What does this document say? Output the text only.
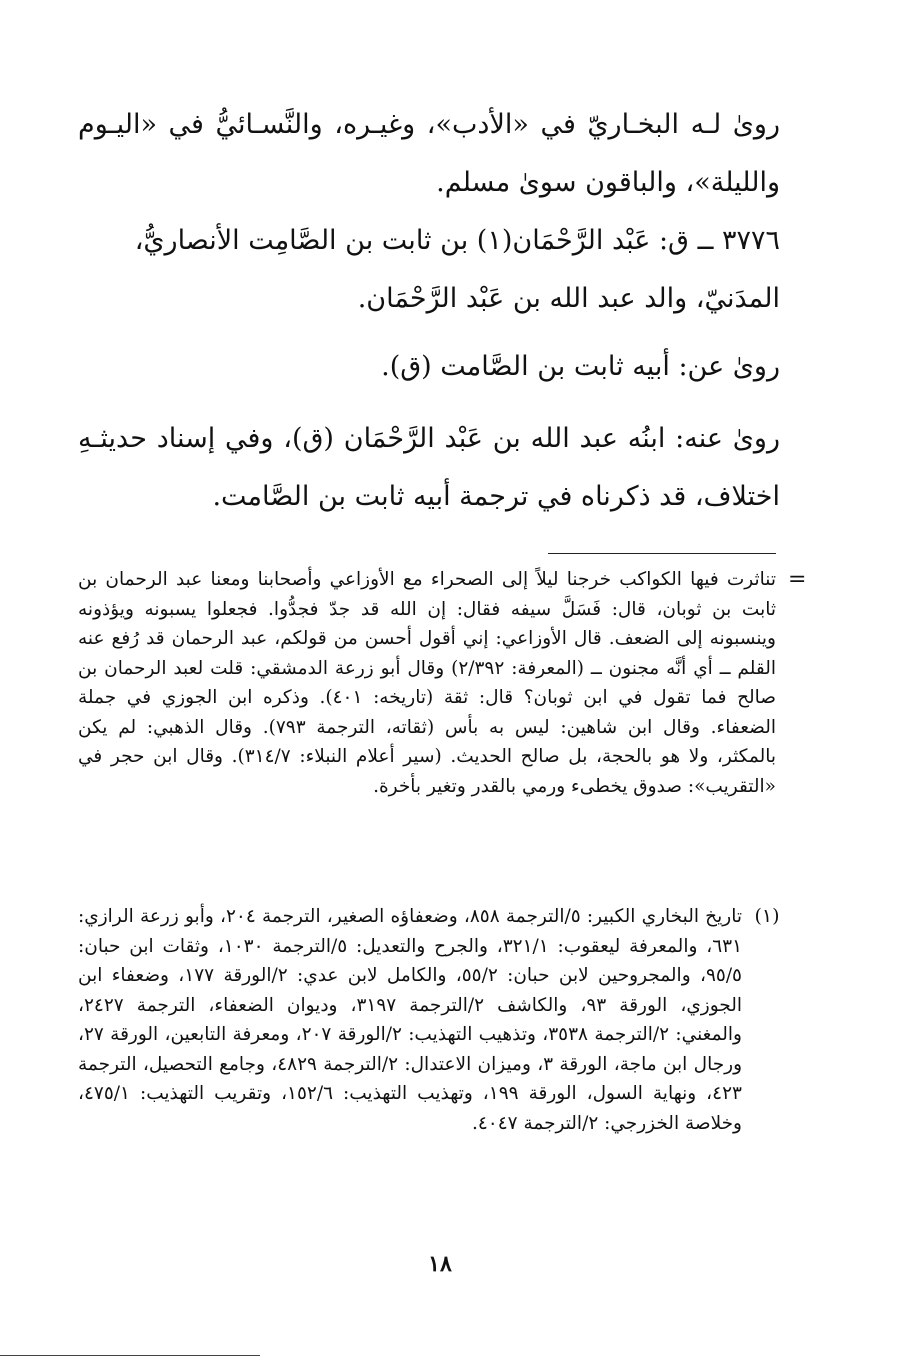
روىٰ لـه البخـاريّ في «الأدب»، وغيـره، والنَّسـائيُّ في «اليـوم والليلة»، والباقون سوىٰ مسلم.

٣٧٧٦ ــ ق: عَبْد الرَّحْمَان(١) بن ثابت بن الصَّامِت الأنصاريُّ،

المدَنيّ، والد عبد الله بن عَبْد الرَّحْمَان.

روىٰ عن: أبيه ثابت بن الصَّامت (ق).

روىٰ عنه: ابنُه عبد الله بن عَبْد الرَّحْمَان (ق)، وفي إسناد حديثـهِ اختلاف، قد ذكرناه في ترجمة أبيه ثابت بن الصَّامت.

=

تناثرت فيها الكواكب خرجنا ليلاً إلى الصحراء مع الأوزاعي وأصحابنا ومعنا عبد الرحمان بن ثابت بن ثوبان، قال: فَسَلَّ سيفه فقال: إن الله قد جدّ فجدُّوا. فجعلوا يسبونه ويؤذونه وينسبونه إلى الضعف. قال الأوزاعي: إني أقول أحسن من قولكم، عبد الرحمان قد رُفع عنه القلم ــ أي أنَّه مجنون ــ (المعرفة: ٢/٣٩٢) وقال أبو زرعة الدمشقي: قلت لعبد الرحمان بن صالح فما تقول في ابن ثوبان؟ قال: ثقة (تاريخه: ٤٠١). وذكره ابن الجوزي في جملة الضعفاء. وقال ابن شاهين: ليس به بأس (ثقاته، الترجمة ٧٩٣). وقال الذهبي: لم يكن بالمكثر، ولا هو بالحجة، بل صالح الحديث. (سير أعلام النبلاء: ٣١٤/٧). وقال ابن حجر في «التقريب»: صدوق يخطىء ورمي بالقدر وتغير بأخرة.

(١)

تاريخ البخاري الكبير: ٥/الترجمة ٨٥٨، وضعفاؤه الصغير، الترجمة ٢٠٤، وأبو زرعة الرازي: ٦٣١، والمعرفة ليعقوب: ٣٢١/١، والجرح والتعديل: ٥/الترجمة ١٠٣٠، وثقات ابن حبان: ٩٥/٥، والمجروحين لابن حبان: ٥٥/٢، والكامل لابن عدي: ٢/الورقة ١٧٧، وضعفاء ابن الجوزي، الورقة ٩٣، والكاشف ٢/الترجمة ٣١٩٧، وديوان الضعفاء، الترجمة ٢٤٢٧، والمغني: ٢/الترجمة ٣٥٣٨، وتذهيب التهذيب: ٢/الورقة ٢٠٧، ومعرفة التابعين، الورقة ٢٧، ورجال ابن ماجة، الورقة ٣، وميزان الاعتدال: ٢/الترجمة ٤٨٢٩، وجامع التحصيل، الترجمة ٤٢٣، ونهاية السول، الورقة ١٩٩، وتهذيب التهذيب: ١٥٢/٦، وتقريب التهذيب: ٤٧٥/١، وخلاصة الخزرجي: ٢/الترجمة ٤٠٤٧.

١٨
